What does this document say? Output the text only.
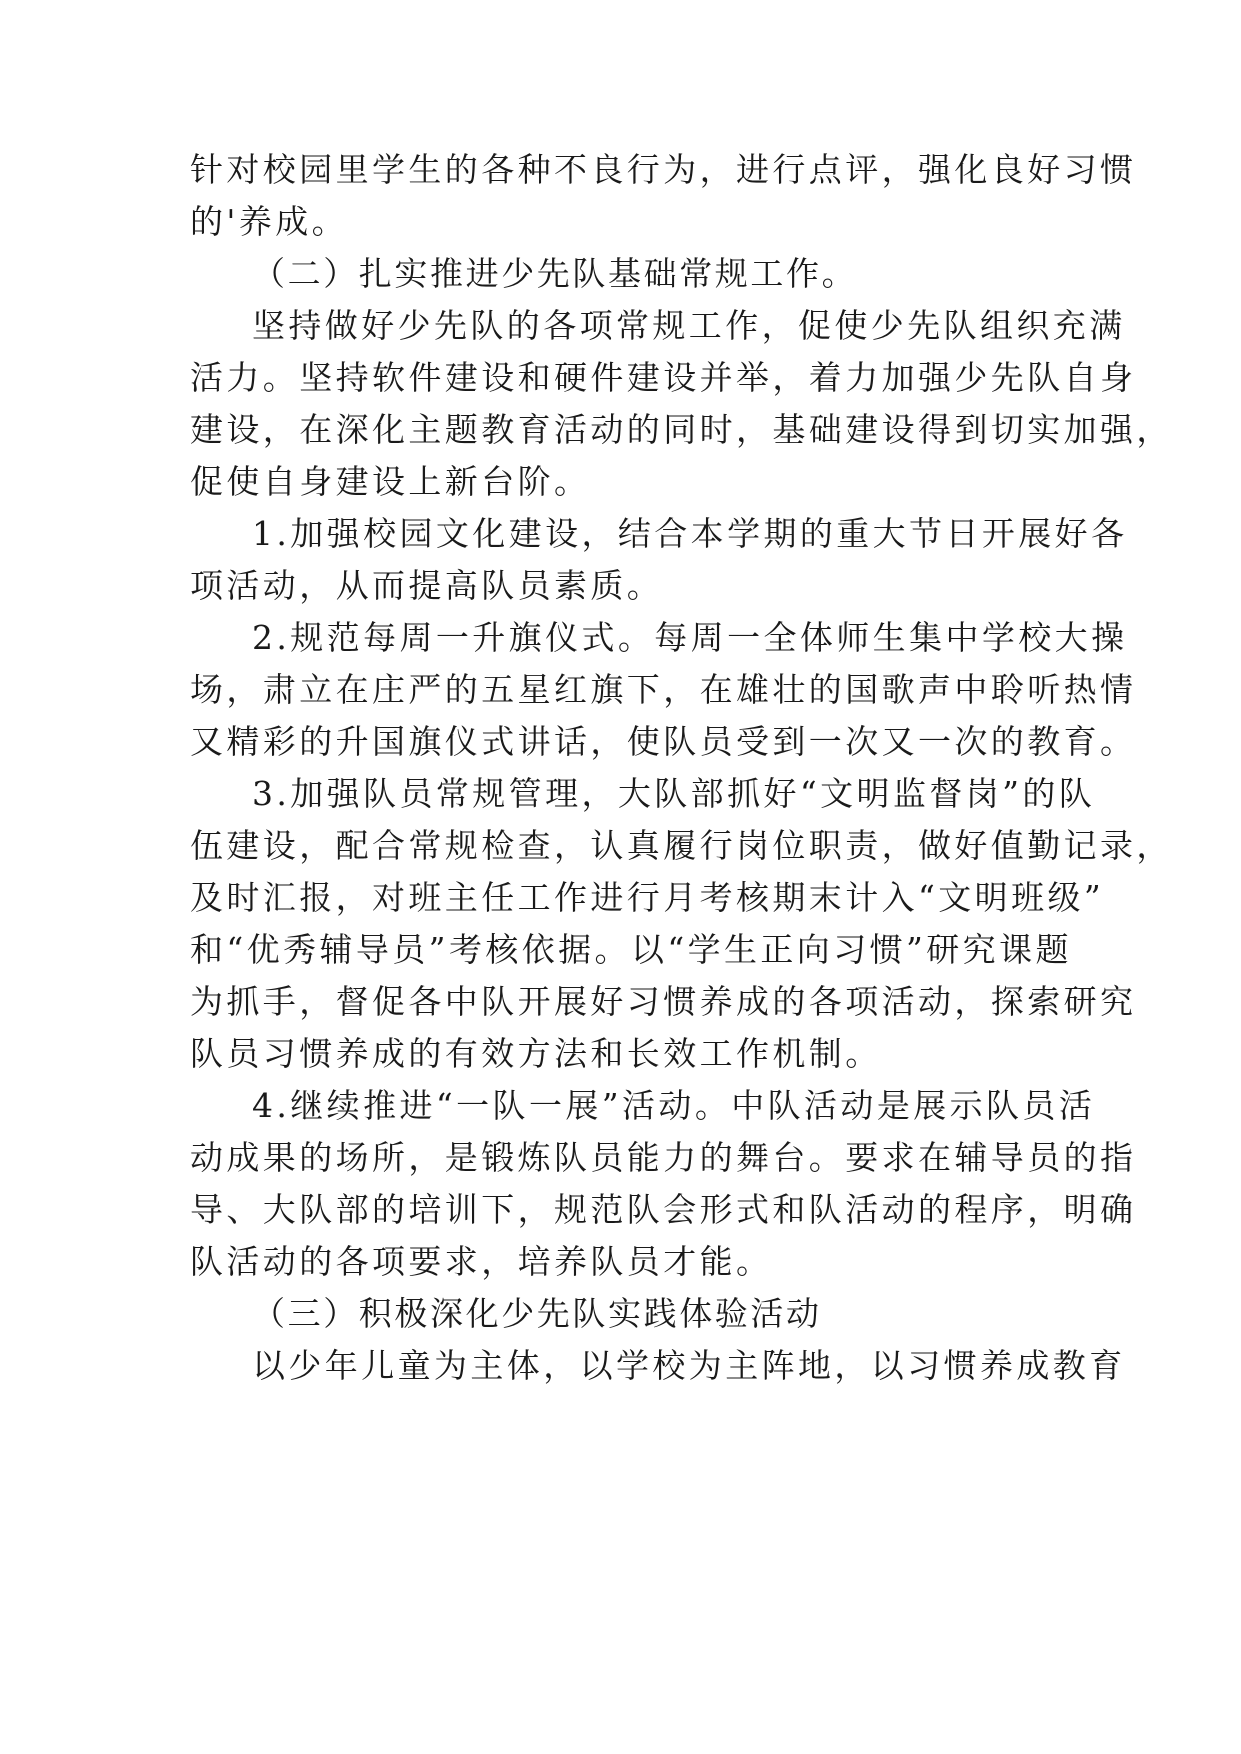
针对校园里学生的各种不良行为，进行点评，强化良好习惯
的'养成。
（二）扎实推进少先队基础常规工作。
坚持做好少先队的各项常规工作，促使少先队组织充满
活力。坚持软件建设和硬件建设并举，着力加强少先队自身
建设，在深化主题教育活动的同时，基础建设得到切实加强，
促使自身建设上新台阶。
1.加强校园文化建设，结合本学期的重大节日开展好各
项活动，从而提高队员素质。
2.规范每周一升旗仪式。每周一全体师生集中学校大操
场，肃立在庄严的五星红旗下，在雄壮的国歌声中聆听热情
又精彩的升国旗仪式讲话，使队员受到一次又一次的教育。
3.加强队员常规管理，大队部抓好“文明监督岗”的队
伍建设，配合常规检查，认真履行岗位职责，做好值勤记录，
及时汇报，对班主任工作进行月考核期末计入“文明班级”
和“优秀辅导员”考核依据。以“学生正向习惯”研究课题
为抓手，督促各中队开展好习惯养成的各项活动，探索研究
队员习惯养成的有效方法和长效工作机制。
4.继续推进“一队一展”活动。中队活动是展示队员活
动成果的场所，是锻炼队员能力的舞台。要求在辅导员的指
导、大队部的培训下，规范队会形式和队活动的程序，明确
队活动的各项要求，培养队员才能。
（三）积极深化少先队实践体验活动
以少年儿童为主体，以学校为主阵地，以习惯养成教育
